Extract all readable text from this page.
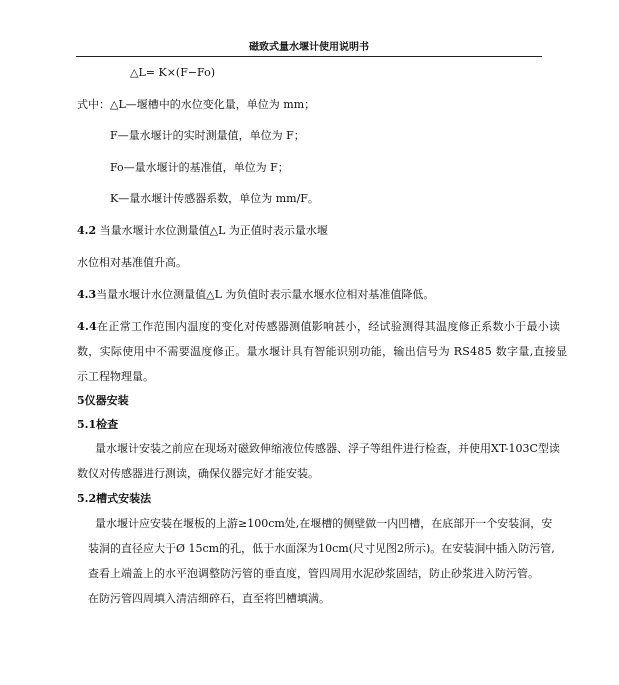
磁致式量水堰计使用说明书
△L= K×(F−Fo)
式中：△L—堰槽中的水位变化量，单位为 mm；
F—量水堰计的实时测量值，单位为 F；
Fo—量水堰计的基准值，单位为 F；
K—量水堰计传感器系数，单位为 mm/F。
4.2 当量水堰计水位测量值△L 为正值时表示量水堰
水位相对基准值升高。
4.3当量水堰计水位测量值△L 为负值时表示量水堰水位相对基准值降低。
4.4在正常工作范围内温度的变化对传感器测值影响甚小，经试验测得其温度修正系数小于最小读
数，实际使用中不需要温度修正。量水堰计具有智能识别功能，输出信号为 RS485 数字量,直接显
示工程物理量。
5仪器安装
5.1检查
量水堰计安装之前应在现场对磁致伸缩液位传感器、浮子等组件进行检查，并使用XT-103C型读
数仪对传感器进行测读，确保仪器完好才能安装。
5.2槽式安装法
量水堰计应安装在堰板的上游≥100cm处,在堰槽的侧壁做一内凹槽，在底部开一个安装洞，安
装洞的直径应大于Ø 15cm的孔，低于水面深为10cm(尺寸见图2所示)。在安装洞中插入防污管,
查看上端盖上的水平泡调整防污管的垂直度，管四周用水泥砂浆固结，防止砂浆进入防污管。
在防污管四周填入清洁细碎石，直至将凹槽填满。
